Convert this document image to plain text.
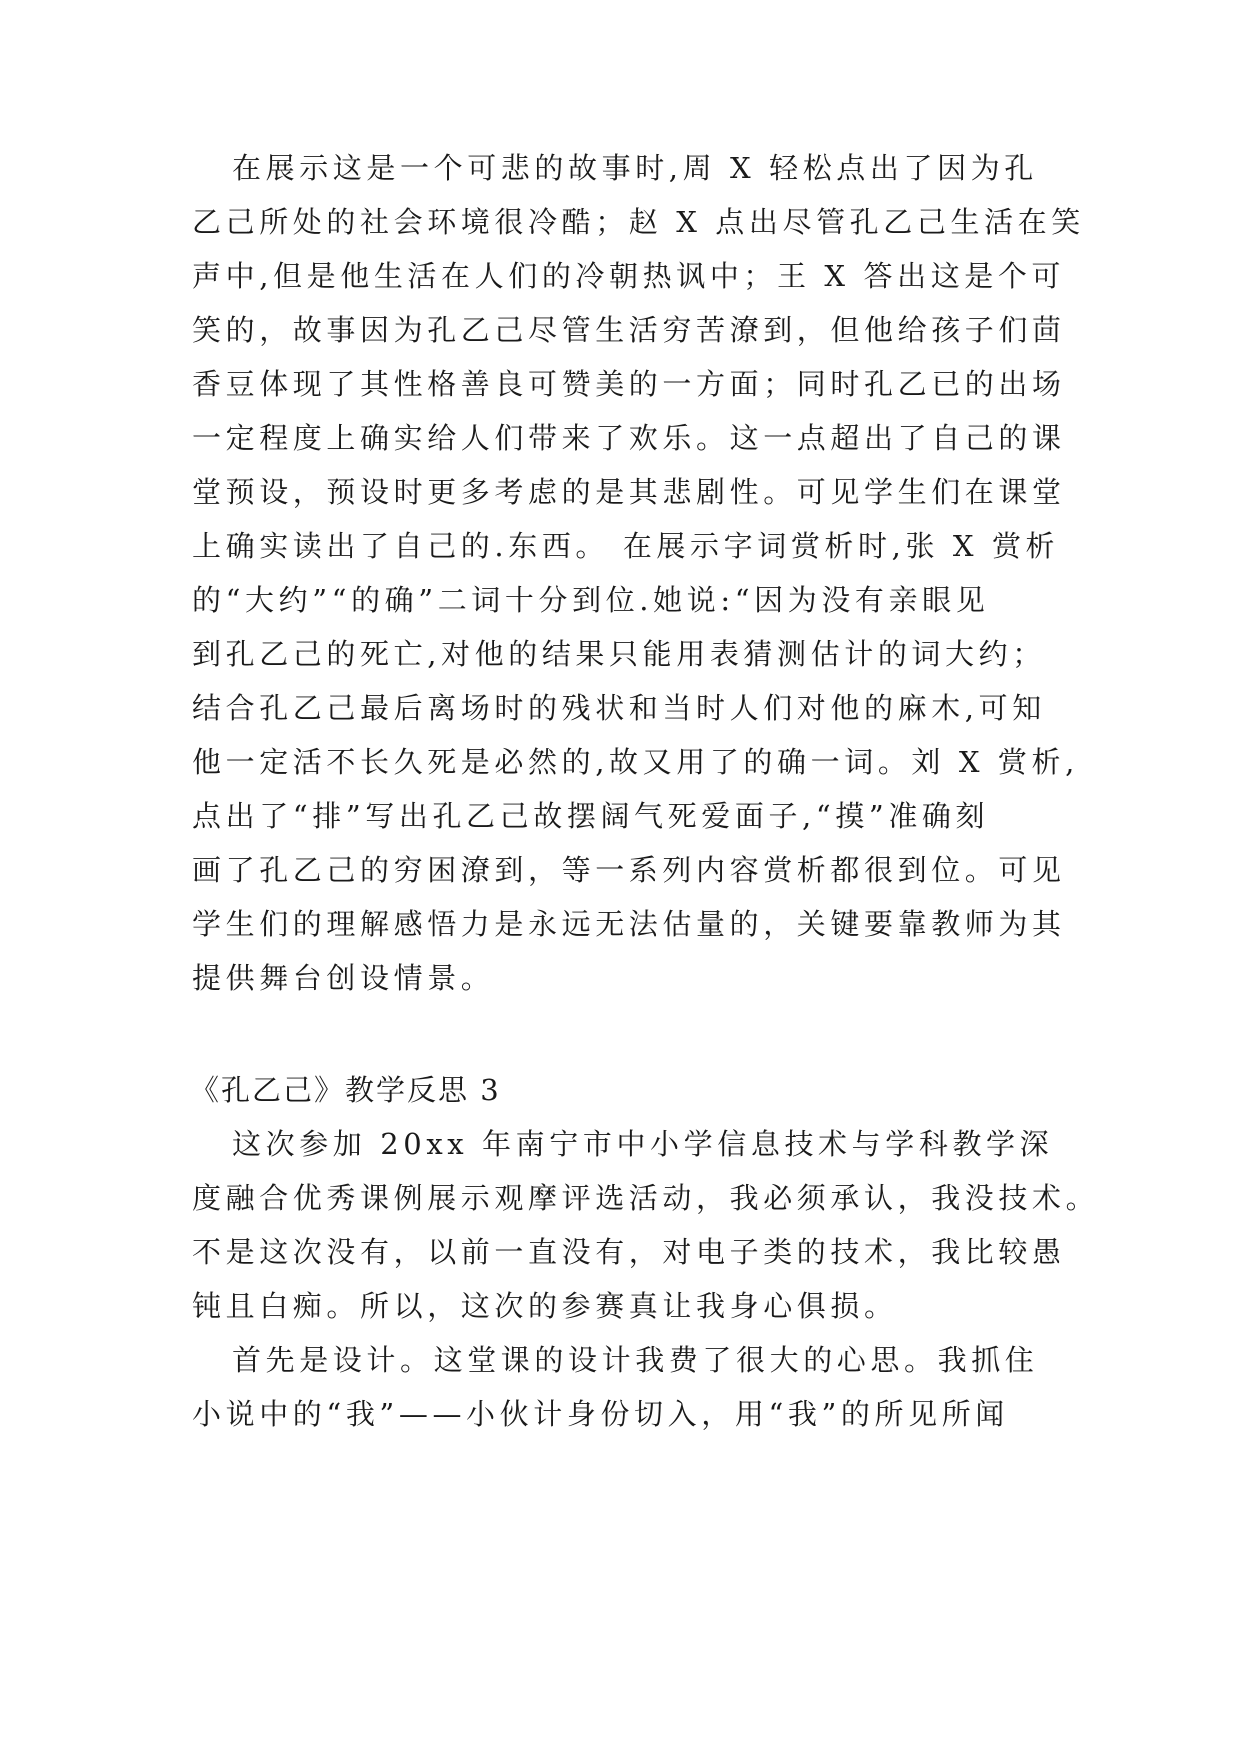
在展示这是一个可悲的故事时,周 X 轻松点出了因为孔
乙己所处的社会环境很冷酷；赵 X 点出尽管孔乙己生活在笑
声中,但是他生活在人们的冷朝热讽中；王 X 答出这是个可
笑的，故事因为孔乙己尽管生活穷苦潦到，但他给孩子们茴
香豆体现了其性格善良可赞美的一方面；同时孔乙已的出场
一定程度上确实给人们带来了欢乐。这一点超出了自己的课
堂预设，预设时更多考虑的是其悲剧性。可见学生们在课堂
上确实读出了自己的.东西。 在展示字词赏析时,张 X 赏析
的“大约”“的确”二词十分到位.她说:“因为没有亲眼见
到孔乙己的死亡,对他的结果只能用表猜测估计的词大约；
结合孔乙己最后离场时的残状和当时人们对他的麻木,可知
他一定活不长久死是必然的,故又用了的确一词。刘 X 赏析,
点出了“排”写出孔乙己故摆阔气死爱面子,“摸”准确刻
画了孔乙己的穷困潦到，等一系列内容赏析都很到位。可见
学生们的理解感悟力是永远无法估量的，关键要靠教师为其
提供舞台创设情景。
《孔乙己》教学反思 3
这次参加 20xx 年南宁市中小学信息技术与学科教学深
度融合优秀课例展示观摩评选活动，我必须承认，我没技术。
不是这次没有，以前一直没有，对电子类的技术，我比较愚
钝且白痴。所以，这次的参赛真让我身心俱损。
首先是设计。这堂课的设计我费了很大的心思。我抓住
小说中的“我”——小伙计身份切入，用“我”的所见所闻
